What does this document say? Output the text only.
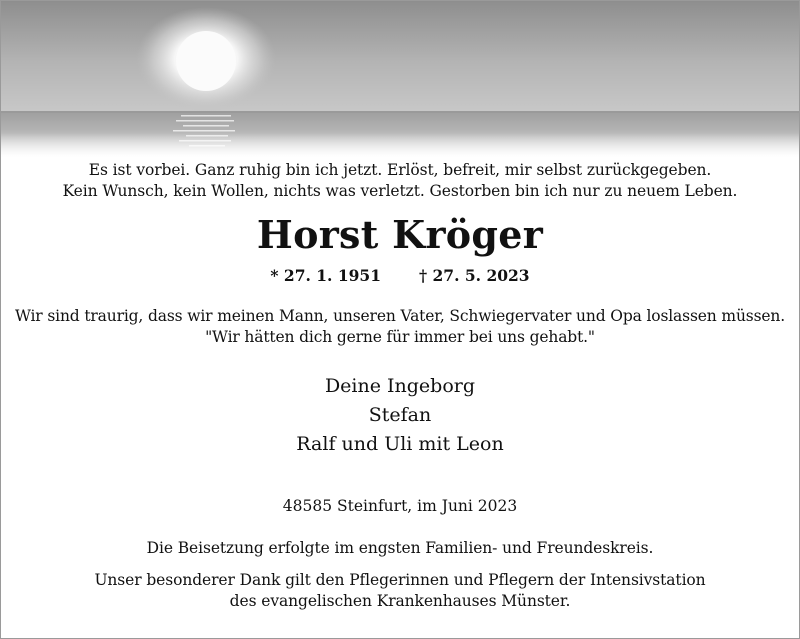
Es ist vorbei. Ganz ruhig bin ich jetzt. Erlöst, befreit, mir selbst zurückgegeben.
Kein Wunsch, kein Wollen, nichts was verletzt. Gestorben bin ich nur zu neuem Leben.
Horst Kröger
* 27. 1. 1951 † 27. 5. 2023
Wir sind traurig, dass wir meinen Mann, unseren Vater, Schwiegervater und Opa loslassen müssen.
"Wir hätten dich gerne für immer bei uns gehabt."
Deine Ingeborg
Stefan
Ralf und Uli mit Leon
48585 Steinfurt, im Juni 2023
Die Beisetzung erfolgte im engsten Familien- und Freundeskreis.
Unser besonderer Dank gilt den Pflegerinnen und Pflegern der Intensivstation
des evangelischen Krankenhauses Münster.
